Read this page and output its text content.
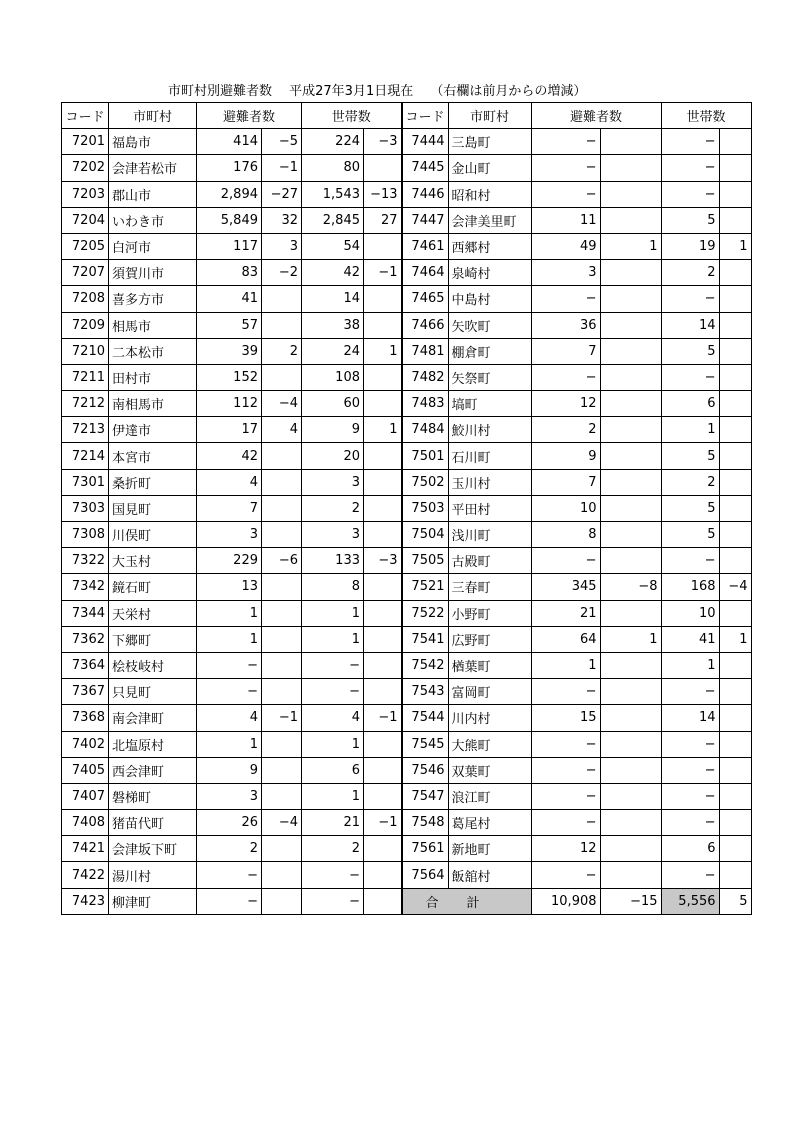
市町村別避難者数　 平成27年3月1日現在　 （右欄は前月からの増減）
コード	市町村	避難者数		世帯数		コード	市町村	避難者数		世帯数	
7201	福島市	414	−5	224	−3	7444	三島町	−		−	
7202	会津若松市	176	−1	80		7445	金山町	−		−	
7203	郡山市	2,894	−27	1,543	−13	7446	昭和村	−		−	
7204	いわき市	5,849	32	2,845	27	7447	会津美里町	11		5	
7205	白河市	117	3	54		7461	西郷村	49	1	19	1
7207	須賀川市	83	−2	42	−1	7464	泉崎村	3		2	
7208	喜多方市	41		14		7465	中島村	−		−	
7209	相馬市	57		38		7466	矢吹町	36		14	
7210	二本松市	39	2	24	1	7481	棚倉町	7		5	
7211	田村市	152		108		7482	矢祭町	−		−	
7212	南相馬市	112	−4	60		7483	塙町	12		6	
7213	伊達市	17	4	9	1	7484	鮫川村	2		1	
7214	本宮市	42		20		7501	石川町	9		5	
7301	桑折町	4		3		7502	玉川村	7		2	
7303	国見町	7		2		7503	平田村	10		5	
7308	川俣町	3		3		7504	浅川町	8		5	
7322	大玉村	229	−6	133	−3	7505	古殿町	−		−	
7342	鏡石町	13		8		7521	三春町	345	−8	168	−4
7344	天栄村	1		1		7522	小野町	21		10	
7362	下郷町	1		1		7541	広野町	64	1	41	1
7364	桧枝岐村	−		−		7542	楢葉町	1		1	
7367	只見町	−		−		7543	富岡町	−		−	
7368	南会津町	4	−1	4	−1	7544	川内村	15		14	
7402	北塩原村	1		1		7545	大熊町	−		−	
7405	西会津町	9		6		7546	双葉町	−		−	
7407	磐梯町	3		1		7547	浪江町	−		−	
7408	猪苗代町	26	−4	21	−1	7548	葛尾村	−		−	
7421	会津坂下町	2		2		7561	新地町	12		6	
7422	湯川村	−		−		7564	飯舘村	−		−	
7423	柳津町	−		−		合計		10,908	−15	5,556	5
